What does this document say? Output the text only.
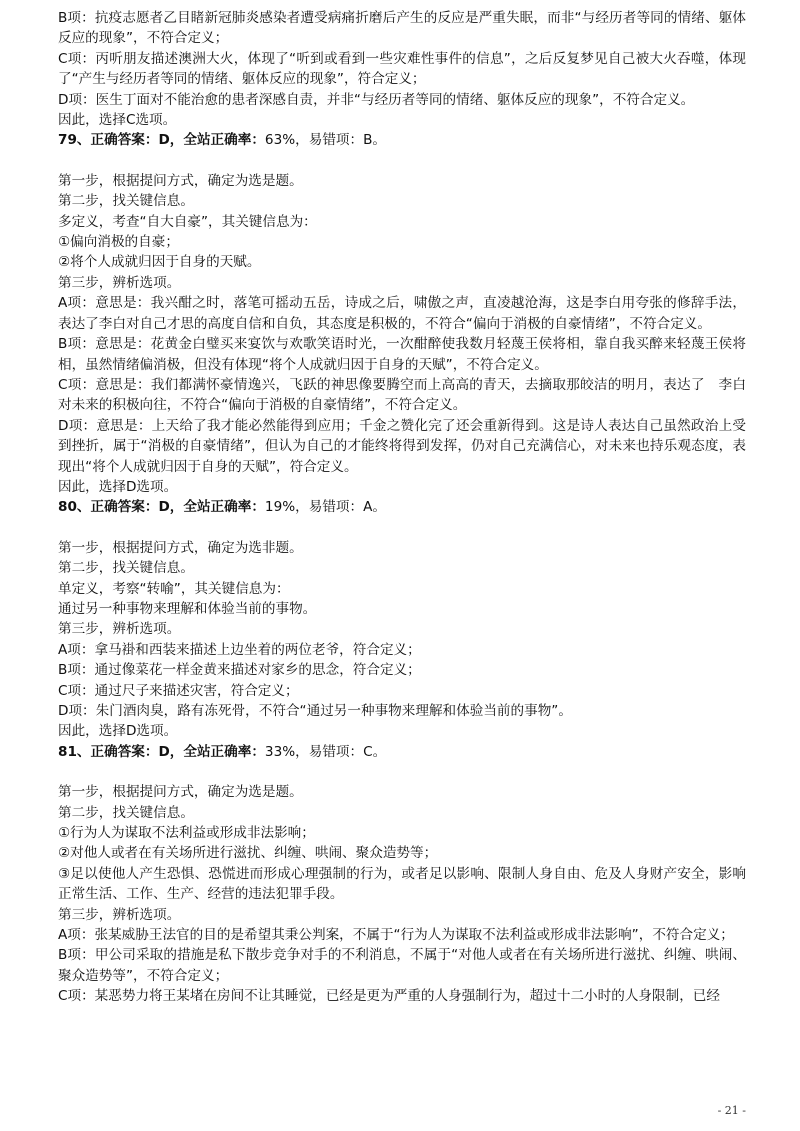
B项：抗疫志愿者乙目睹新冠肺炎感染者遭受病痛折磨后产生的反应是严重失眠，而非“与经历者等同的情绪、躯体反应的现象”，不符合定义；

C项：丙听朋友描述澳洲大火，体现了“听到或看到一些灾难性事件的信息”，之后反复梦见自己被大火吞噬，体现了“产生与经历者等同的情绪、躯体反应的现象”，符合定义；

D项：医生丁面对不能治愈的患者深感自责，并非“与经历者等同的情绪、躯体反应的现象”，不符合定义。

因此，选择C选项。

79、正确答案：D，全站正确率：63%，易错项：B。

第一步，根据提问方式，确定为选是题。

第二步，找关键信息。

多定义，考查“自大自豪”，其关键信息为：

①偏向消极的自豪；

②将个人成就归因于自身的天赋。

第三步，辨析选项。

A项：意思是：我兴酣之时，落笔可摇动五岳，诗成之后，啸傲之声，直凌越沧海，这是李白用夸张的修辞手法，表达了李白对自己才思的高度自信和自负，其态度是积极的，不符合“偏向于消极的自豪情绪”，不符合定义。

B项：意思是：花黄金白璧买来宴饮与欢歌笑语时光，一次酣醉使我数月轻蔑王侯将相，靠自我买醉来轻蔑王侯将相，虽然情绪偏消极，但没有体现“将个人成就归因于自身的天赋”，不符合定义。

C项：意思是：我们都满怀豪情逸兴，飞跃的神思像要腾空而上高高的青天，去摘取那皎洁的明月，表达了　李白对未来的积极向往，不符合“偏向于消极的自豪情绪”，不符合定义。

D项：意思是：上天给了我才能必然能得到应用；千金之赞化完了还会重新得到。这是诗人表达自己虽然政治上受到挫折，属于“消极的自豪情绪”，但认为自己的才能终将得到发挥，仍对自己充满信心，对未来也持乐观态度，表现出“将个人成就归因于自身的天赋”，符合定义。

因此，选择D选项。

80、正确答案：D，全站正确率：19%，易错项：A。

第一步，根据提问方式，确定为选非题。

第二步，找关键信息。

单定义，考察“转喻”，其关键信息为：

通过另一种事物来理解和体验当前的事物。

第三步，辨析选项。

A项：拿马褂和西装来描述上边坐着的两位老爷，符合定义；

B项：通过像菜花一样金黄来描述对家乡的思念，符合定义；

C项：通过尺子来描述灾害，符合定义；

D项：朱门酒肉臭，路有冻死骨，不符合“通过另一种事物来理解和体验当前的事物”。

因此，选择D选项。

81、正确答案：D，全站正确率：33%，易错项：C。

第一步，根据提问方式，确定为选是题。

第二步，找关键信息。

①行为人为谋取不法利益或形成非法影响；

②对他人或者在有关场所进行滋扰、纠缠、哄闹、聚众造势等；

③足以使他人产生恐惧、恐慌进而形成心理强制的行为，或者足以影响、限制人身自由、危及人身财产安全，影响正常生活、工作、生产、经营的违法犯罪手段。

第三步，辨析选项。

A项：张某威胁王法官的目的是希望其秉公判案，不属于“行为人为谋取不法利益或形成非法影响”，不符合定义；

B项：甲公司采取的措施是私下散步竞争对手的不利消息，不属于“对他人或者在有关场所进行滋扰、纠缠、哄闹、聚众造势等”，不符合定义；

C项：某恶势力将王某堵在房间不让其睡觉，已经是更为严重的人身强制行为，超过十二小时的人身限制，已经

- 21 -
